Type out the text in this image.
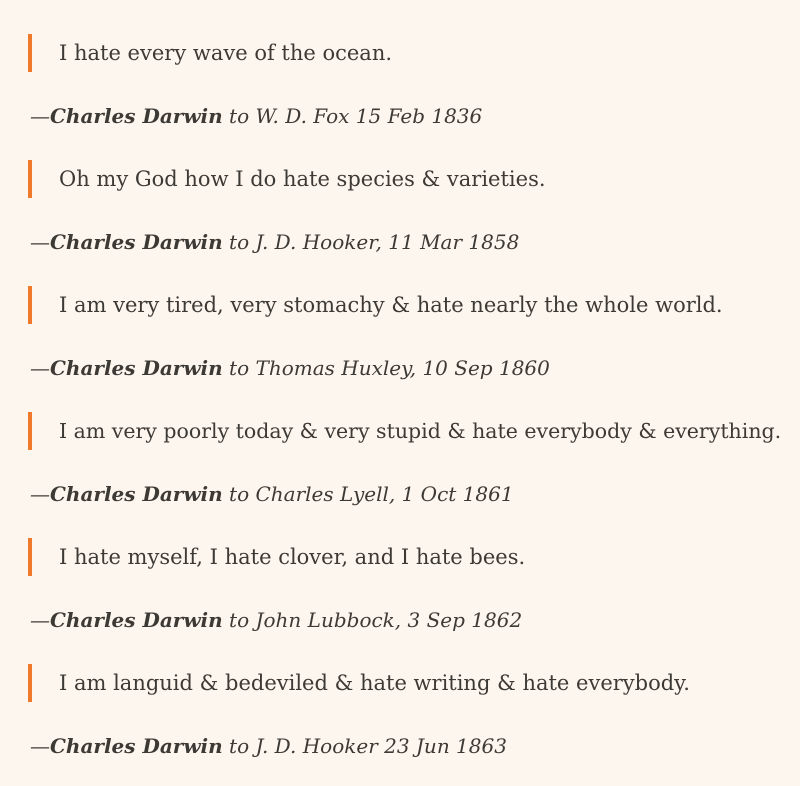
I hate every wave of the ocean.
—Charles Darwin to W. D. Fox 15 Feb 1836
Oh my God how I do hate species & varieties.
—Charles Darwin to J. D. Hooker, 11 Mar 1858
I am very tired, very stomachy & hate nearly the whole world.
—Charles Darwin to Thomas Huxley, 10 Sep 1860
I am very poorly today & very stupid & hate everybody & everything.
—Charles Darwin to Charles Lyell, 1 Oct 1861
I hate myself, I hate clover, and I hate bees.
—Charles Darwin to John Lubbock, 3 Sep 1862
I am languid & bedeviled & hate writing & hate everybody.
—Charles Darwin to J. D. Hooker 23 Jun 1863
